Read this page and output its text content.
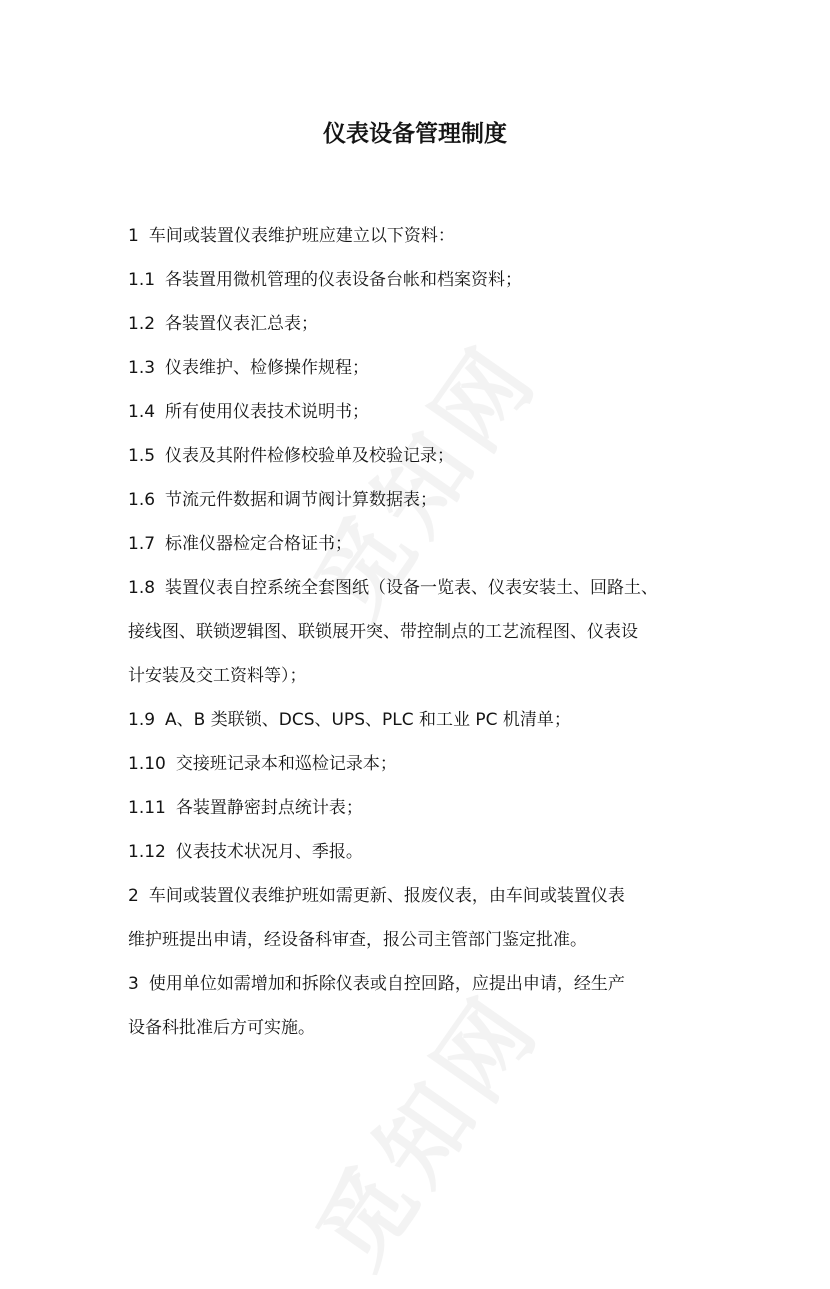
仪表设备管理制度
1 车间或装置仪表维护班应建立以下资料：
1.1 各装置用微机管理的仪表设备台帐和档案资料；
1.2 各装置仪表汇总表；
1.3 仪表维护、检修操作规程；
1.4 所有使用仪表技术说明书；
1.5 仪表及其附件检修校验单及校验记录；
1.6 节流元件数据和调节阀计算数据表；
1.7 标准仪器检定合格证书；
1.8 装置仪表自控系统全套图纸（设备一览表、仪表安装土、回路土、
接线图、联锁逻辑图、联锁展开突、带控制点的工艺流程图、仪表设
计安装及交工资料等）；
1.9 A、B 类联锁、DCS、UPS、PLC 和工业 PC 机清单；
1.10 交接班记录本和巡检记录本；
1.11 各装置静密封点统计表；
1.12 仪表技术状况月、季报。
2 车间或装置仪表维护班如需更新、报废仪表，由车间或装置仪表
维护班提出申请，经设备科审查，报公司主管部门鉴定批准。
3 使用单位如需增加和拆除仪表或自控回路，应提出申请，经生产
设备科批准后方可实施。
